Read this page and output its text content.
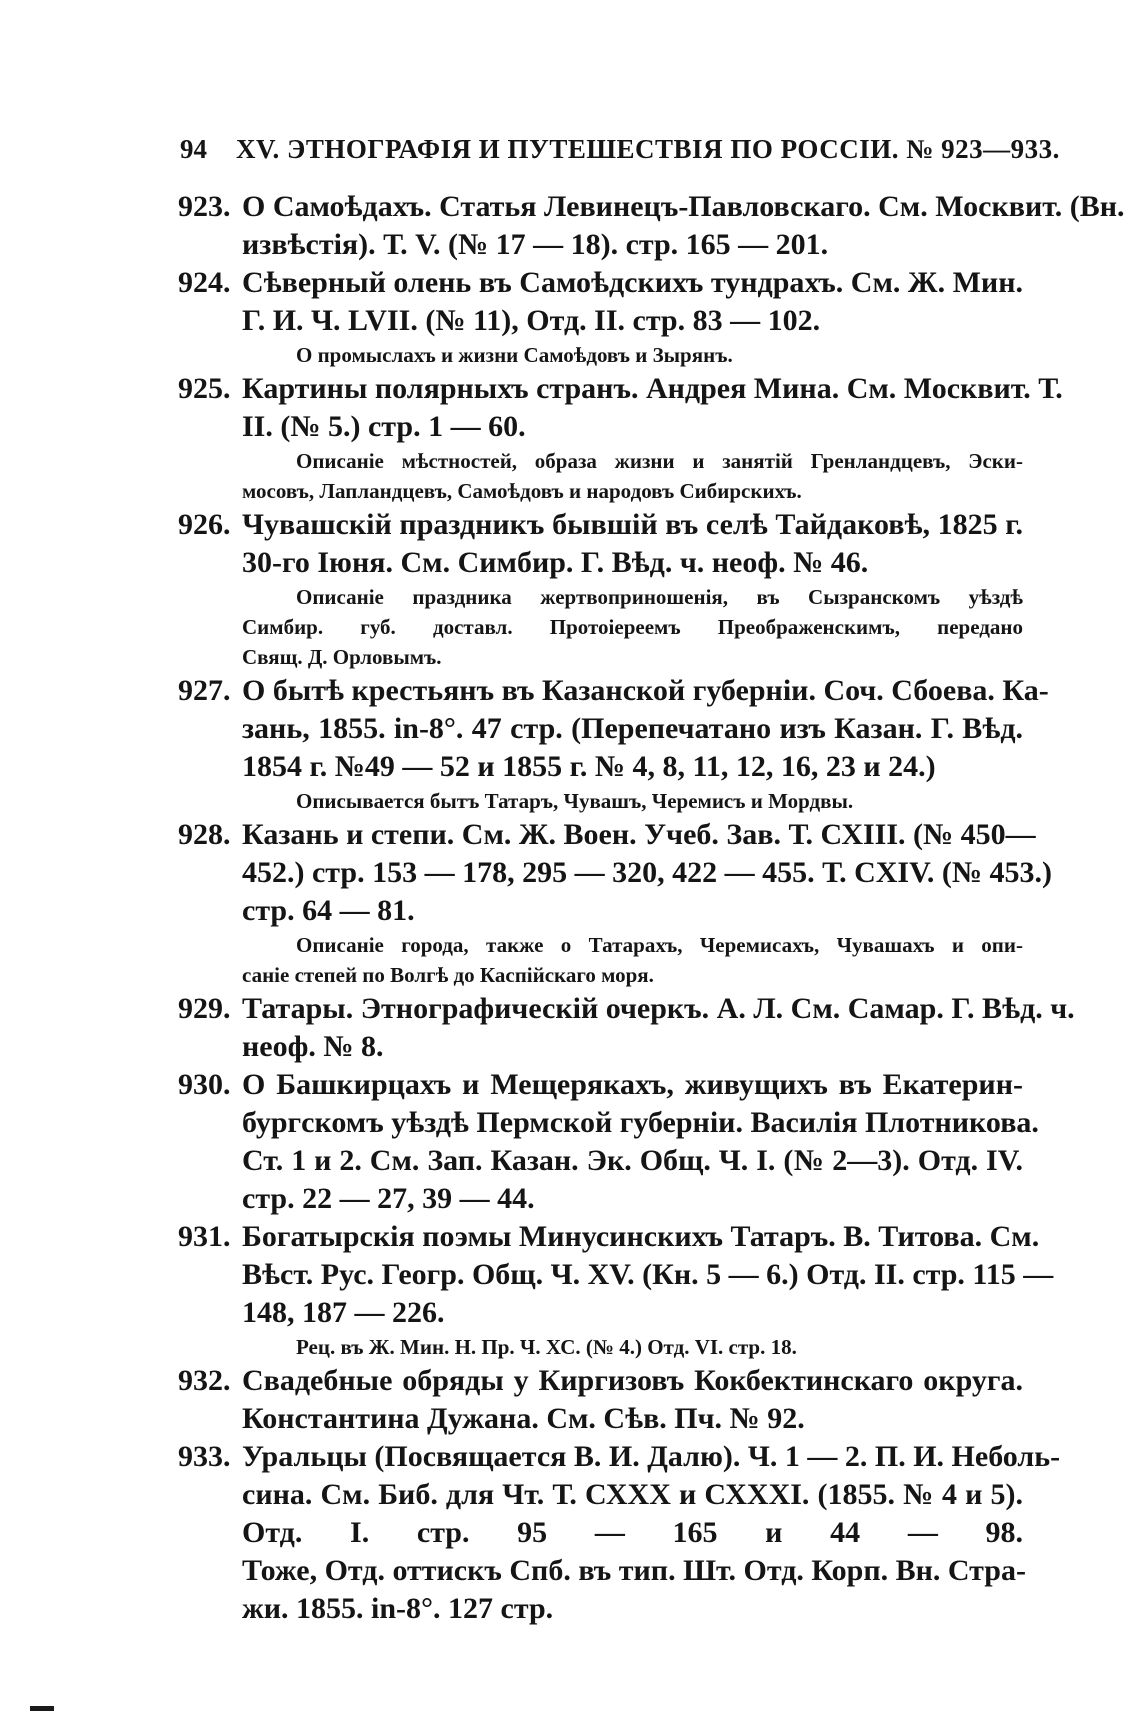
94 XV. ЭТНОГРАФІЯ И ПУТЕШЕСТВІЯ ПО РОССІИ. № 923—933.
923. О Самоѣдахъ. Статья Левинецъ-Павловскаго. См. Москвит. (Вн.
извѣстія). Т. V. (№ 17 — 18). стр. 165 — 201.
924. Сѣверный олень въ Самоѣдскихъ тундрахъ. См. Ж. Мин.
Г. И. Ч. LVII. (№ 11), Отд. II. стр. 83 — 102.
О промыслахъ и жизни Самоѣдовъ и Зырянъ.
925. Картины полярныхъ странъ. Андрея Мина. См. Москвит. Т.
II. (№ 5.) стр. 1 — 60.
Описаніе мѣстностей, образа жизни и занятій Гренландцевъ, Эски-
мосовъ, Лапландцевъ, Самоѣдовъ и народовъ Сибирскихъ.
926. Чувашскій праздникъ бывшій въ селѣ Тайдаковѣ, 1825 г.
30-го Іюня. См. Симбир. Г. Вѣд. ч. неоф. № 46.
Описаніе праздника жертвоприношенія, въ Сызранскомъ уѣздѣ
Симбир. губ. доставл. Протоіереемъ Преображенскимъ, передано
Свящ. Д. Орловымъ.
927. О бытѣ крестьянъ въ Казанской губерніи. Соч. Сбоева. Ка-
зань, 1855. in-8°. 47 стр. (Перепечатано изъ Казан. Г. Вѣд.
1854 г. №49 — 52 и 1855 г. № 4, 8, 11, 12, 16, 23 и 24.)
Описывается бытъ Татаръ, Чувашъ, Черемисъ и Мордвы.
928. Казань и степи. См. Ж. Воен. Учеб. Зав. Т. СХIII. (№ 450—
452.) стр. 153 — 178, 295 — 320, 422 — 455. Т. CXIV. (№ 453.)
стр. 64 — 81.
Описаніе города, также о Татарахъ, Черемисахъ, Чувашахъ и опи-
саніе степей по Волгѣ до Каспійскаго моря.
929. Татары. Этнографическій очеркъ. А. Л. См. Самар. Г. Вѣд. ч.
неоф. № 8.
930. О Башкирцахъ и Мещерякахъ, живущихъ въ Екатерин-
бургскомъ уѣздѣ Пермской губерніи. Василія Плотникова.
Ст. 1 и 2. См. Зап. Казан. Эк. Общ. Ч. I. (№ 2—3). Отд. IV.
стр. 22 — 27, 39 — 44.
931. Богатырскія поэмы Минусинскихъ Татаръ. В. Титова. См.
Вѣст. Рус. Геогр. Общ. Ч. XV. (Кн. 5 — 6.) Отд. II. стр. 115 —
148, 187 — 226.
Рец. въ Ж. Мин. Н. Пр. Ч. ХС. (№ 4.) Отд. VI. стр. 18.
932. Свадебные обряды у Киргизовъ Кокбектинскаго округа.
Константина Дужана. См. Сѣв. Пч. № 92.
933. Уральцы (Посвящается В. И. Далю). Ч. 1 — 2. П. И. Неболь-
сина. См. Биб. для Чт. Т. СХХХ и СХХХI. (1855. № 4 и 5).
Отд. I. стр. 95 — 165 и 44 — 98.
Тоже, Отд. оттискъ Спб. въ тип. Шт. Отд. Корп. Вн. Стра-
жи. 1855. in-8°. 127 стр.
